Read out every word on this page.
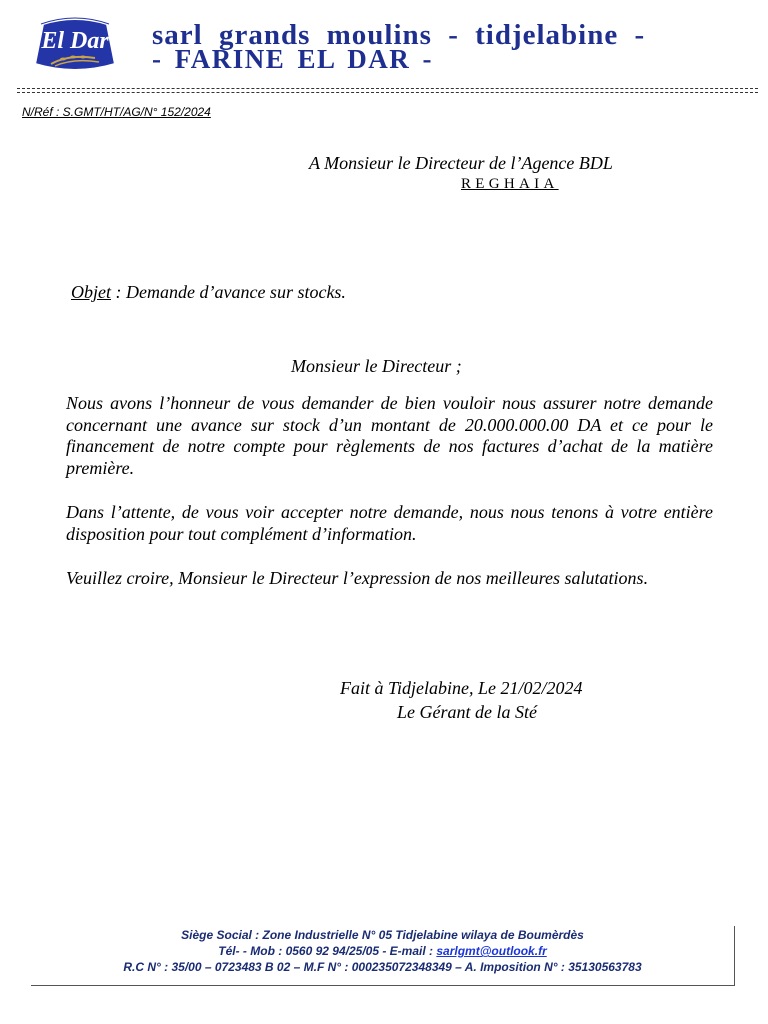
El Dar sarl grands moulins - tidjelabine -
- FARINE EL DAR -
N/Réf : S.GMT/HT/AG/N° 152/2024
A Monsieur le Directeur de l’Agence BDL
REGHAIA
Objet : Demande d’avance sur stocks.
Monsieur le Directeur ;

Nous avons l’honneur de vous demander de bien vouloir nous assurer notre demande concernant une avance sur stock d’un montant de 20.000.000.00 DA et ce pour le financement de notre compte pour règlements de nos factures d’achat de la matière première.

Dans l’attente, de vous voir accepter notre demande, nous nous tenons à votre entière disposition pour tout complément d’information.

Veuillez croire, Monsieur le Directeur l’expression de nos meilleures salutations.

Fait à Tidjelabine, Le 21/02/2024
Le Gérant de la Sté
Siège Social : Zone Industrielle N° 05 Tidjelabine wilaya de Boumèrdès
Tél- - Mob : 0560 92 94/25/05 - E-mail : sarlgmt@outlook.fr
R.C N° : 35/00 – 0723483 B 02 – M.F N° : 000235072348349 – A. Imposition N° : 35130563783
